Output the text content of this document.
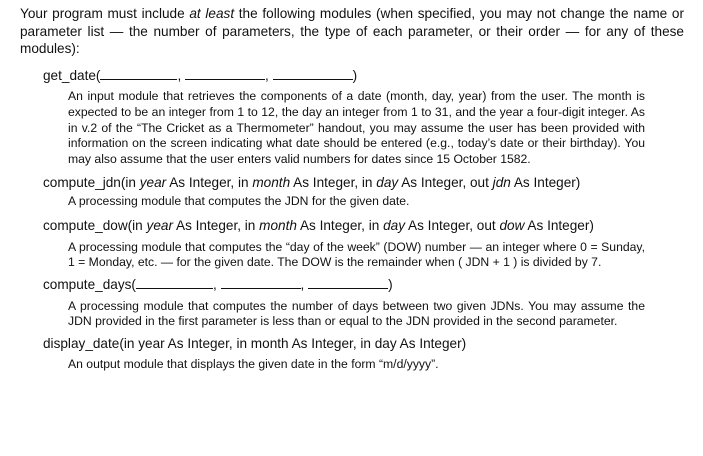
Your program must include at least the following modules (when specified, you may not change the name or parameter list — the number of parameters, the type of each parameter, or their order — for any of these modules):

get_date(	,	,	)
An input module that retrieves the components of a date (month, day, year) from the user. The month is expected to be an integer from 1 to 12, the day an integer from 1 to 31, and the year a four-digit integer. As in v.2 of the “The Cricket as a Thermometer” handout, you may assume the user has been provided with information on the screen indicating what date should be entered (e.g., today’s date or their birthday). You may also assume that the user enters valid numbers for dates since 15 October 1582.
compute_jdn(in year As Integer, in month As Integer, in day As Integer, out jdn As Integer)
A processing module that computes the JDN for the given date.
compute_dow(in year As Integer, in month As Integer, in day As Integer, out dow As Integer)
A processing module that computes the “day of the week” (DOW) number — an integer where 0 = Sunday, 1 = Monday, etc. — for the given date. The DOW is the remainder when ( JDN + 1 ) is divided by 7.
compute_days(	,	,	)
A processing module that computes the number of days between two given JDNs. You may assume the JDN provided in the first parameter is less than or equal to the JDN provided in the second parameter.
display_date(in year As Integer, in month As Integer, in day As Integer)
An output module that displays the given date in the form “m/d/yyyy”.
